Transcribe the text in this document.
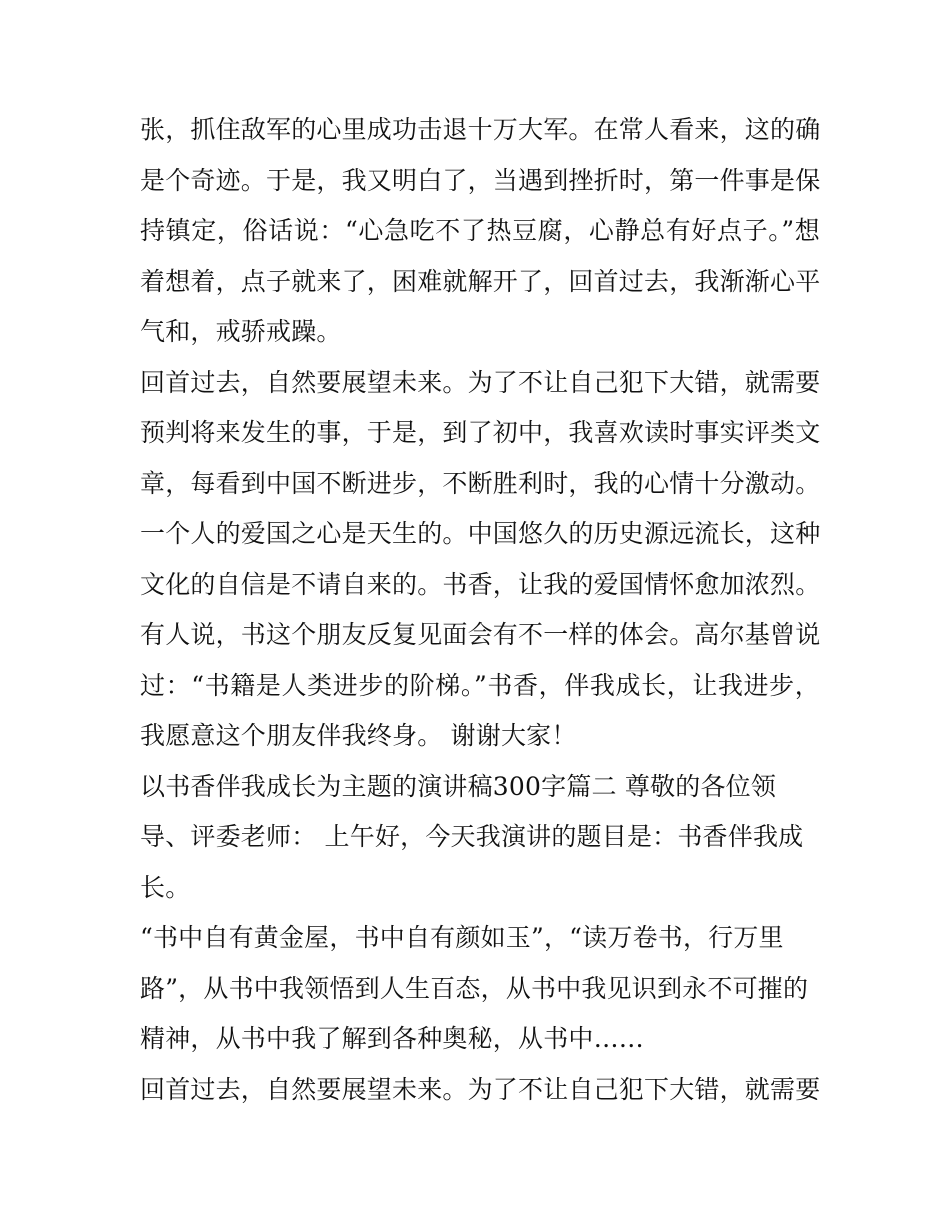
张，抓住敌军的心里成功击退十万大军。在常人看来，这的确
是个奇迹。于是，我又明白了，当遇到挫折时，第一件事是保
持镇定，俗话说：“心急吃不了热豆腐，心静总有好点子。”想
着想着，点子就来了，困难就解开了，回首过去，我渐渐心平
气和，戒骄戒躁。

回首过去，自然要展望未来。为了不让自己犯下大错，就需要
预判将来发生的事，于是，到了初中，我喜欢读时事实评类文
章，每看到中国不断进步，不断胜利时，我的心情十分激动。
一个人的爱国之心是天生的。中国悠久的历史源远流长，这种
文化的自信是不请自来的。书香，让我的爱国情怀愈加浓烈。
有人说，书这个朋友反复见面会有不一样的体会。高尔基曾说
过：“书籍是人类进步的阶梯。”书香，伴我成长，让我进步，
我愿意这个朋友伴我终身。 谢谢大家！

以书香伴我成长为主题的演讲稿300字篇二 尊敬的各位领
导、评委老师： 上午好，今天我演讲的题目是：书香伴我成
长。

“书中自有黄金屋，书中自有颜如玉”，“读万卷书，行万里
路”，从书中我领悟到人生百态，从书中我见识到永不可摧的
精神，从书中我了解到各种奥秘，从书中……

回首过去，自然要展望未来。为了不让自己犯下大错，就需要
